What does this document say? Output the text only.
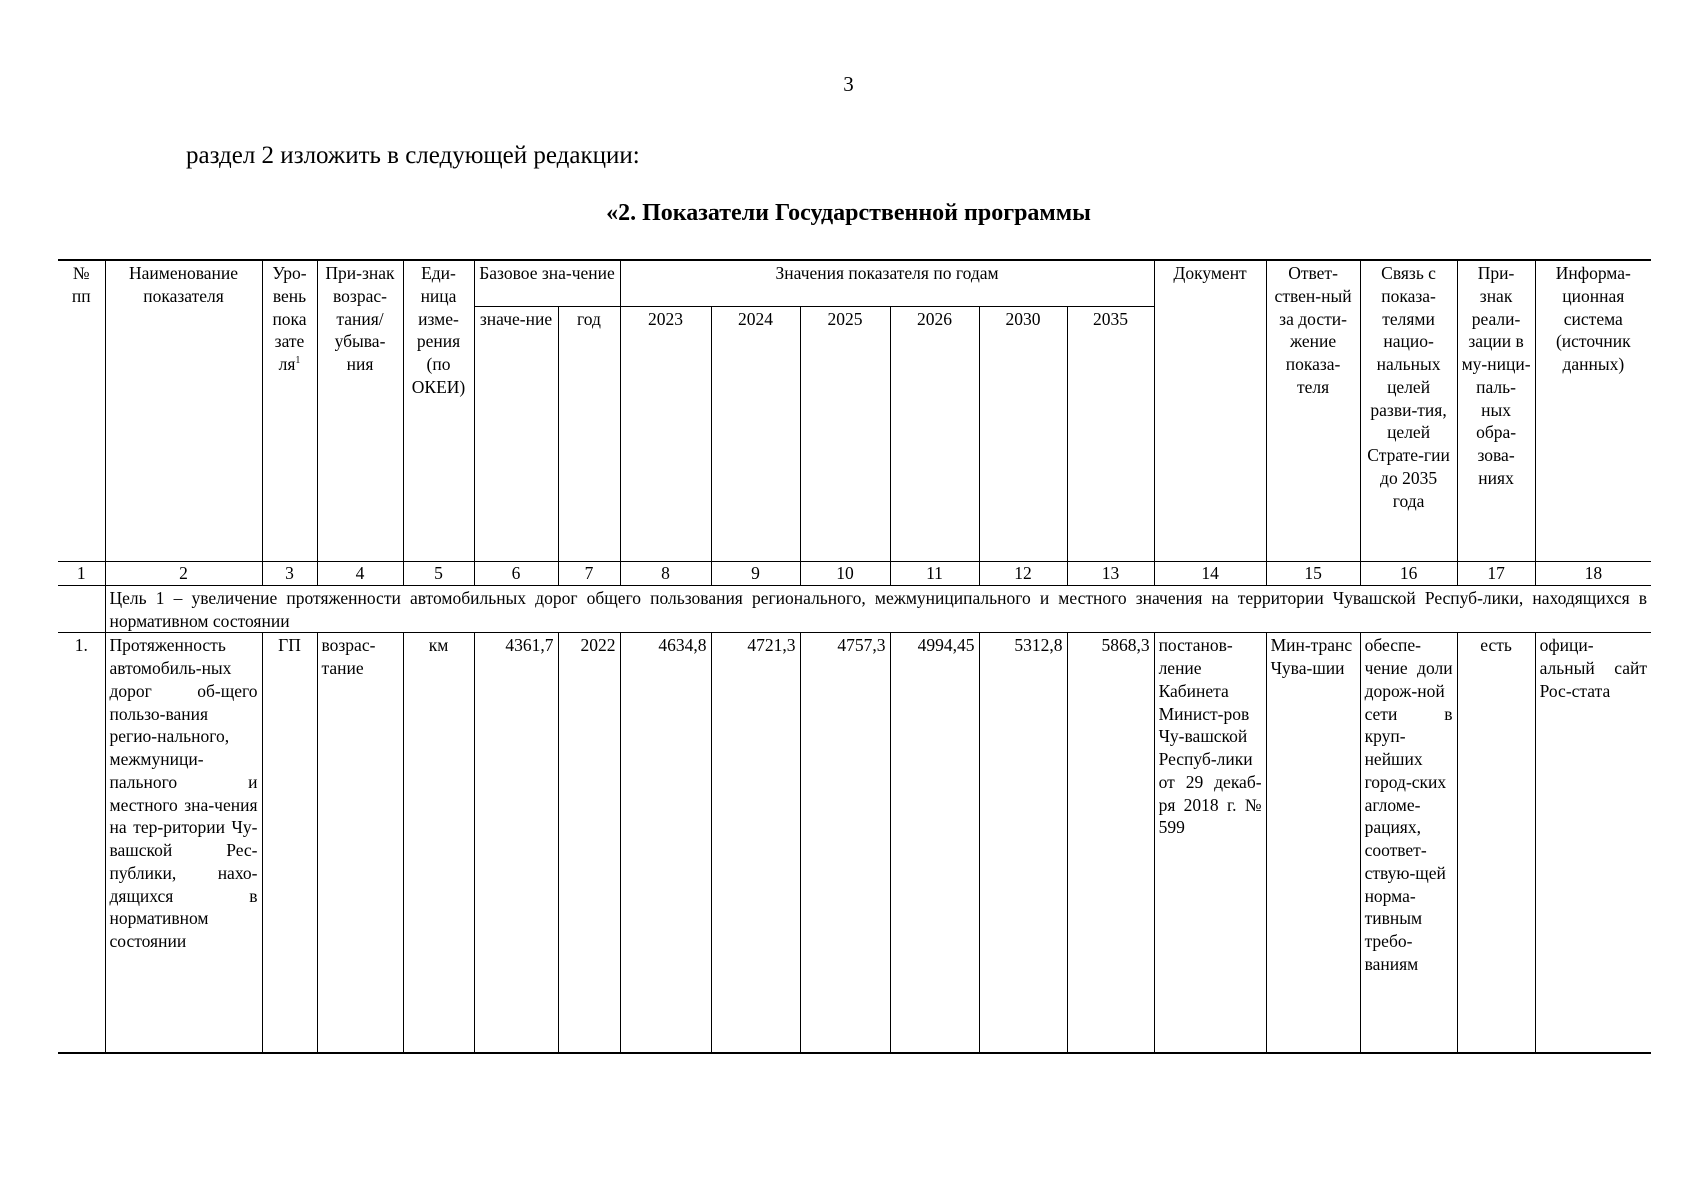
3
раздел 2 изложить в следующей редакции:
«2. Показатели Государственной программы
№ пп	Наименование показателя	Уро-вень пока зате $ля^1$	При-знак возрас-тания/ убыва-ния	Еди-ница изме-рения (по ОКЕИ)	Базовое зна-чение		Значения показателя по годам						Документ	Ответ-ствен-ный за дости-жение показа-теля	Связь с показа-телями нацио-нальных целей разви-тия, целей Страте-гии до 2035 года	При-знак реали-зации в му-ници-паль-ных обра-зова-ниях	Информа-ционная система (источник данных)
					значе-ние	год	2023	2024	2025	2026	2030	2035					
1	2	3	4	5	6	7	8	9	10	11	12	13	14	15	16	17	18
	Цель 1 – увеличение протяженности автомобильных дорог общего пользования регионального, межмуниципального и местного значения на территории Чувашской Респуб-лики, находящихся в нормативном состоянии																
1.	Протяженность автомобиль-ных дорог об-щего пользо-вания регио-нального, межмуници-пального и местного зна-чения на тер-ритории Чу-вашской Рес-публики, нахо-дящихся в нормативном состоянии	ГП	возрас-тание	км	4361,7	2022	4634,8	4721,3	4757,3	4994,45	5312,8	5868,3	постанов-ление Кабинета Минист-ров Чу-вашской Респуб-лики от 29 декаб-ря 2018 г. № 599	Мин-транс Чува-шии	обеспе-чение доли дорож-ной сети в круп-нейших город-ских агломе-рациях, соответ-ствую-щей норма-тивным требо-ваниям	есть	офици-альный сайт Рос-стата
